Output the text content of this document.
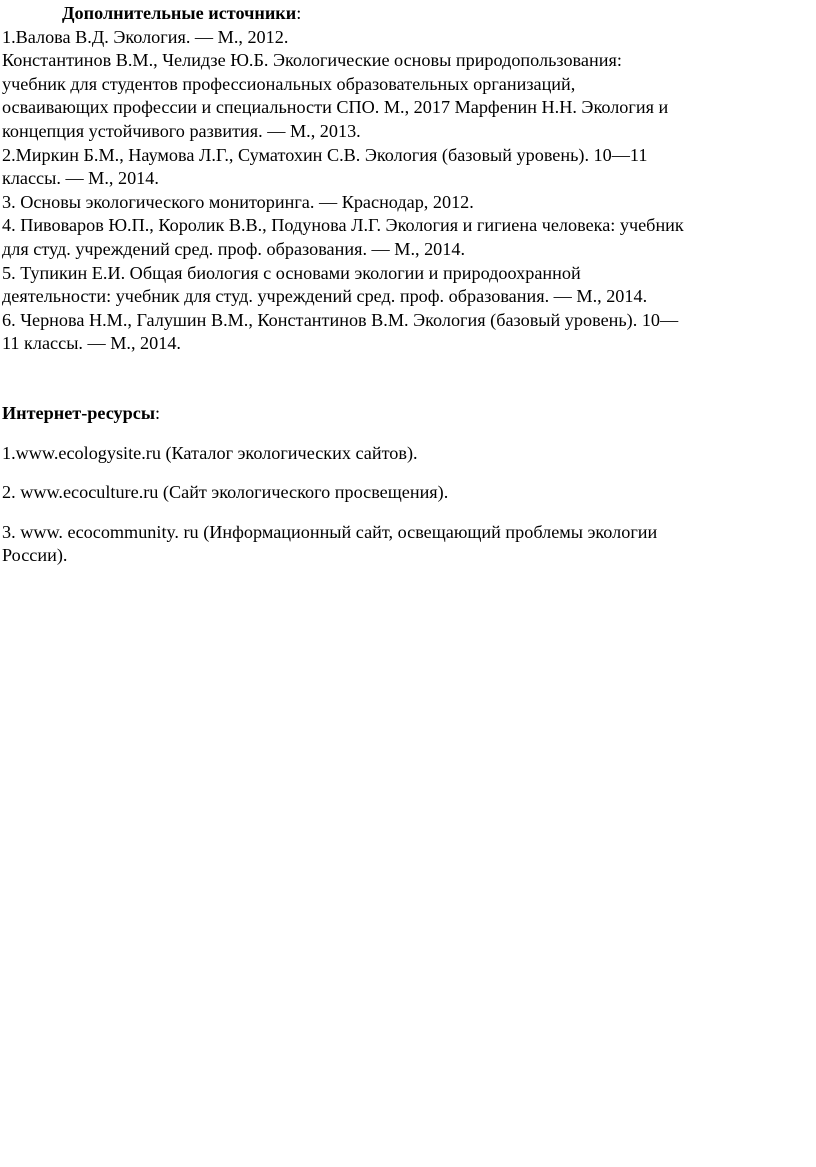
Дополнительные источники:

1.Валова В.Д. Экология. — М., 2012.

Константинов В.М., Челидзе Ю.Б. Экологические основы природопользования:

учебник для студентов профессиональных образовательных организаций,

осваивающих профессии и специальности СПО. М., 2017 Марфенин Н.Н. Экология и

концепция устойчивого развития. — М., 2013.

2.Миркин Б.М., Наумова Л.Г., Суматохин С.В. Экология (базовый уровень). 10—11

классы. — М., 2014.

3. Основы экологического мониторинга. — Краснодар, 2012.

4. Пивоваров Ю.П., Королик В.В., Подунова Л.Г. Экология и гигиена человека: учебник

для студ. учреждений сред. проф. образования. — М., 2014.

5. Тупикин Е.И. Общая биология с основами экологии и природоохранной

деятельности: учебник для студ. учреждений сред. проф. образования. — М., 2014.

6. Чернова Н.М., Галушин В.М., Константинов В.М. Экология (базовый уровень). 10—

11 классы. — М., 2014.

Интернет-ресурсы:

1.www.ecologysite.ru (Каталог экологических сайтов).

2. www.ecoculture.ru (Сайт экологического просвещения).

3. www. ecocommunity. ru (Информационный сайт, освещающий проблемы экологии

России).
